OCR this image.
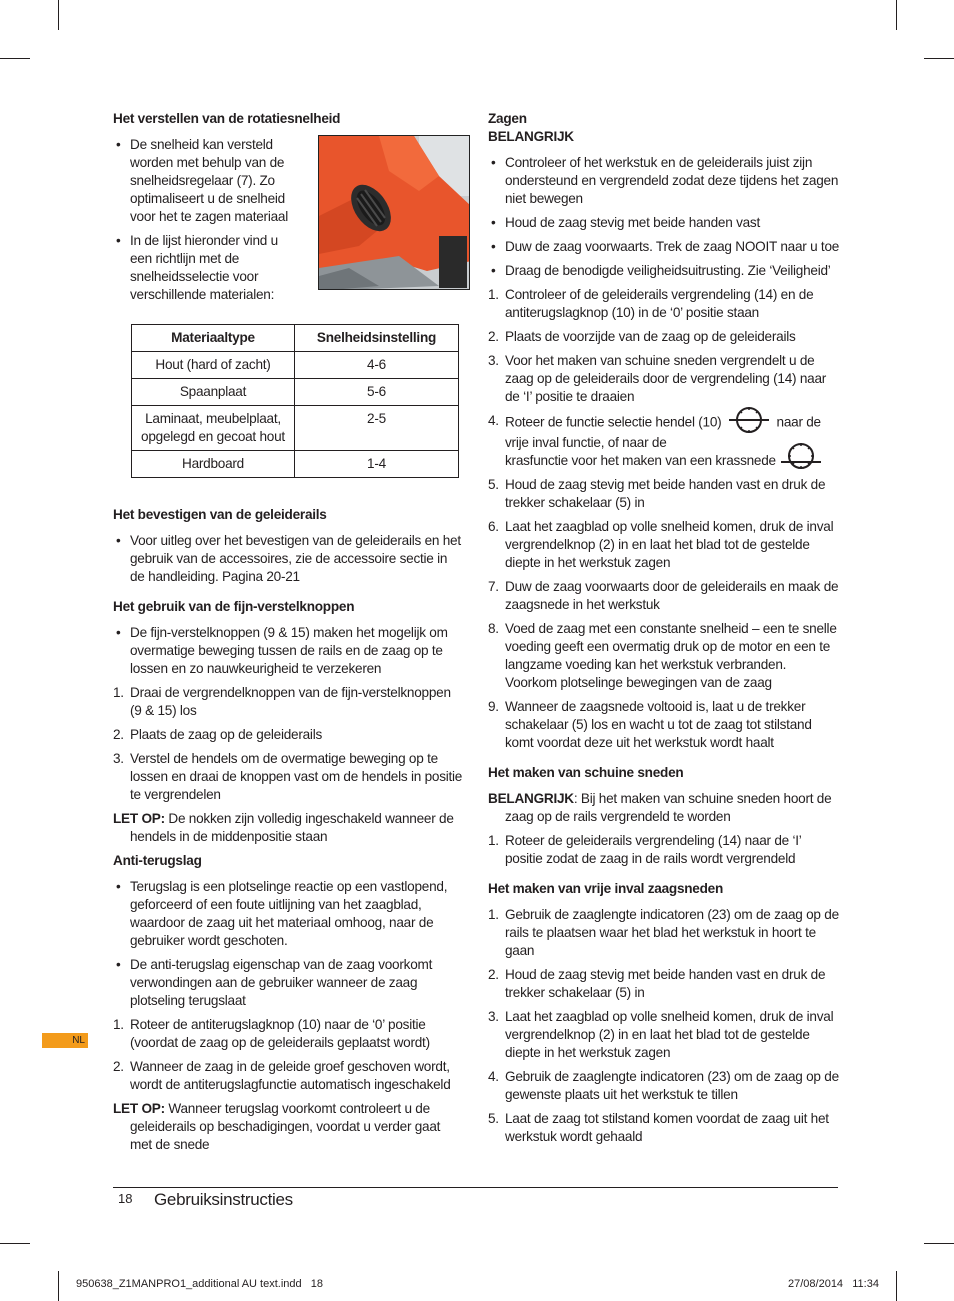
Het verstellen van de rotatiesnelheid
• De snelheid kan versteld worden met behulp van de snelheidsregelaar (7). Zo optimaliseert u de snelheid voor het te zagen materiaal
• In de lijst hieronder vind u een richtlijn met de snelheidsselectie voor verschillende materialen:
Materiaaltype	Snelheidsinstelling
Hout (hard of zacht)	4-6
Spaanplaat	5-6
Laminaat, meubelplaat, opgelegd en gecoat hout	2-5
Hardboard	1-4
Het bevestigen van de geleiderails
• Voor uitleg over het bevestigen van de geleiderails en het gebruik van de accessoires, zie de accessoire sectie in de handleiding. Pagina 20-21
Het gebruik van de fijn-verstelknoppen
• De fijn-verstelknoppen (9 & 15) maken het mogelijk om overmatige beweging tussen de rails en de zaag op te lossen en zo nauwkeurigheid te verzekeren
1. Draai de vergrendelknoppen van de fijn-verstelknoppen (9 & 15) los
2. Plaats de zaag op de geleiderails
3. Verstel de hendels om de overmatige beweging op te lossen en draai de knoppen vast om de hendels in positie te vergrendelen
LET OP: De nokken zijn volledig ingeschakeld wanneer de hendels in de middenpositie staan
Anti-terugslag
• Terugslag is een plotselinge reactie op een vastlopend, geforceerd of een foute uitlijning van het zaagblad, waardoor de zaag uit het materiaal omhoog, naar de gebruiker wordt geschoten.
• De anti-terugslag eigenschap van de zaag voorkomt verwondingen aan de gebruiker wanneer de zaag plotseling terugslaat
1. Roteer de antiterugslagknop (10) naar de ‘0’ positie (voordat de zaag op de geleiderails geplaatst wordt)
2. Wanneer de zaag in de geleide groef geschoven wordt, wordt de antiterugslagfunctie automatisch ingeschakeld
LET OP: Wanneer terugslag voorkomt controleert u de geleiderails op beschadigingen, voordat u verder gaat met de snede
Zagen
BELANGRIJK
• Controleer of het werkstuk en de geleiderails juist zijn ondersteund en vergrendeld zodat deze tijdens het zagen niet bewegen
• Houd de zaag stevig met beide handen vast
• Duw de zaag voorwaarts. Trek de zaag NOOIT naar u toe
• Draag de benodigde veiligheidsuitrusting. Zie ‘Veiligheid’
1. Controleer of de geleiderails vergrendeling (14) en de antiterugslagknop (10) in de ‘0’ positie staan
2. Plaats de voorzijde van de zaag op de geleiderails
3. Voor het maken van schuine sneden vergrendelt u de zaag op de geleiderails door de vergrendeling (14) naar de ‘I’ positie te draaien
4. Roteer de functie selectie hendel (10)	naar de
vrije inval functie, of naar de
krasfunctie voor het maken van een krassnede
5. Houd de zaag stevig met beide handen vast en druk de trekker schakelaar (5) in
6. Laat het zaagblad op volle snelheid komen, druk de inval vergrendelknop (2) in en laat het blad tot de gestelde diepte in het werkstuk zagen
7. Duw de zaag voorwaarts door de geleiderails en maak de zaagsnede in het werkstuk
8. Voed de zaag met een constante snelheid – een te snelle voeding geeft een overmatig druk op de motor en een te langzame voeding kan het werkstuk verbranden. Voorkom plotselinge bewegingen van de zaag
9. Wanneer de zaagsnede voltooid is, laat u de trekker schakelaar (5) los en wacht u tot de zaag tot stilstand komt voordat deze uit het werkstuk wordt haalt
Het maken van schuine sneden
BELANGRIJK: Bij het maken van schuine sneden hoort de zaag op de rails vergrendeld te worden
1. Roteer de geleiderails vergrendeling (14) naar de ‘I’ positie zodat de zaag in de rails wordt vergrendeld
Het maken van vrije inval zaagsneden
1. Gebruik de zaaglengte indicatoren (23) om de zaag op de rails te plaatsen waar het blad het werkstuk in hoort te gaan
2. Houd de zaag stevig met beide handen vast en druk de trekker schakelaar (5) in
3. Laat het zaagblad op volle snelheid komen, druk de inval vergrendelknop (2) in en laat het blad tot de gestelde diepte in het werkstuk zagen
4. Gebruik de zaaglengte indicatoren (23) om de zaag op de gewenste plaats uit het werkstuk te tillen
5. Laat de zaag tot stilstand komen voordat de zaag uit het werkstuk wordt gehaald
NL
18 Gebruiksinstructies
950638_Z1MANPRO1_additional AU text.indd   18	27/08/2014   11:34
